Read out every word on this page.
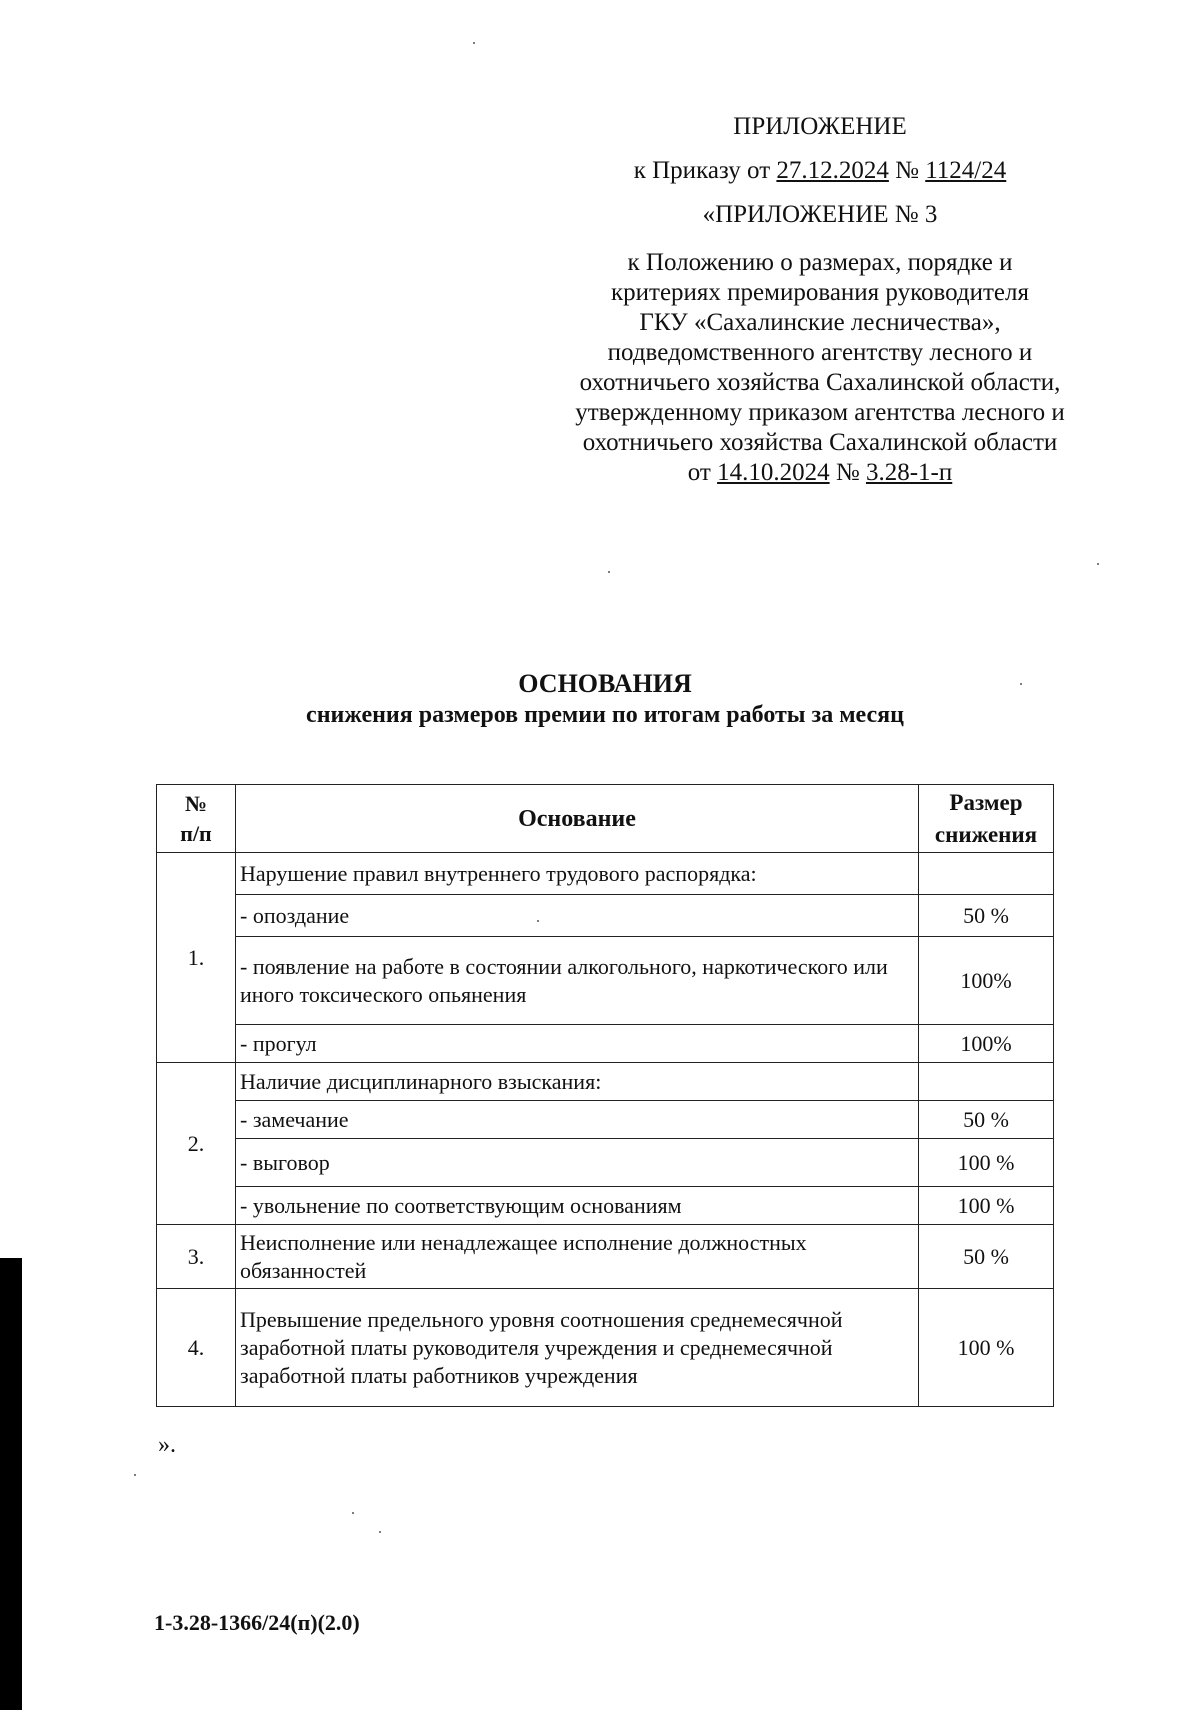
ПРИЛОЖЕНИЕ
к Приказу от 27.12.2024 № 1124/24
«ПРИЛОЖЕНИЕ № 3
к Положению о размерах, порядке и
критериях премирования руководителя
ГКУ «Сахалинские лесничества»,
подведомственного агентству лесного и
охотничьего хозяйства Сахалинской области,
утвержденному приказом агентства лесного и
охотничьего хозяйства Сахалинской области
от 14.10.2024 № 3.28-1-п
ОСНОВАНИЯ
снижения размеров премии по итогам работы за месяц
№
п/п	Основание	Размер
снижения
1.	Нарушение правил внутреннего трудового распорядка:	
	- опоздание	50 %
	- появление на работе в состоянии алкогольного, наркотического или иного токсического опьянения	100%
	- прогул	100%
2.	Наличие дисциплинарного взыскания:	
	- замечание	50 %
	- выговор	100 %
	- увольнение по соответствующим основаниям	100 %
3.	Неисполнение или ненадлежащее исполнение должностных обязанностей	50 %
4.	Превышение предельного уровня соотношения среднемесячной заработной платы руководителя учреждения и среднемесячной заработной платы работников учреждения	100 %
».
1-3.28-1366/24(п)(2.0)
